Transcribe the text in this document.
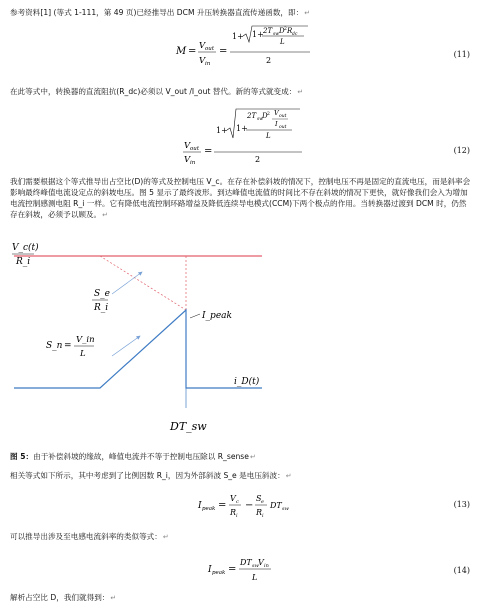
参考资料[1] (等式 1-111，第 49 页)已经推导出 DCM 升压转换器直流传递函数，即：↵
M = V out
V in
=
1+ 1+ 2T sw D 2 R dc
L
2
(11)
在此等式中，转换器的直流阻抗(R_dc)必须以 V_out /I_out 替代。新的等式就变成：↵
V out
V in
=
1+ 1+
2T sw
D 2 V out
I out
L
2
(12)
我们需要根据这个等式推导出占空比(D)的等式及控制电压 V_c。在存在补偿斜坡的情况下，控制电压不再是固定的直流电压，而是斜率会影响最终峰值电流设定点的斜坡电压。图 5 显示了最终波形。到达峰值电流值的时间比不存在斜坡的情况下更快，就好像我们会入为增加电流控制感测电阻 R_i 一样。它有降低电流控制环路增益及降低连续导电模式(CCM)下两个极点的作用。当转换器过渡到 DCM 时，仍然存在斜坡，必须予以顾及。↵
V_c(t)
R_i
S_e
R_i
S_n =
V_in
L
I_peak
i_D(t)
DT_sw
图 5：由于补偿斜坡的缘故，峰值电流并不等于控制电压除以 R_sense↵
相关等式如下所示，其中考虑到了比例因数 R_i，因为外部斜波 S_e 是电压斜波：↵
I peak =
V c
R i
−
S e
R i
DT sw	(13)
可以推导出涉及至电感电流斜率的类似等式：↵
I peak =
DT sw V in
L
(14)
解析占空比 D，我们就得到：↵
